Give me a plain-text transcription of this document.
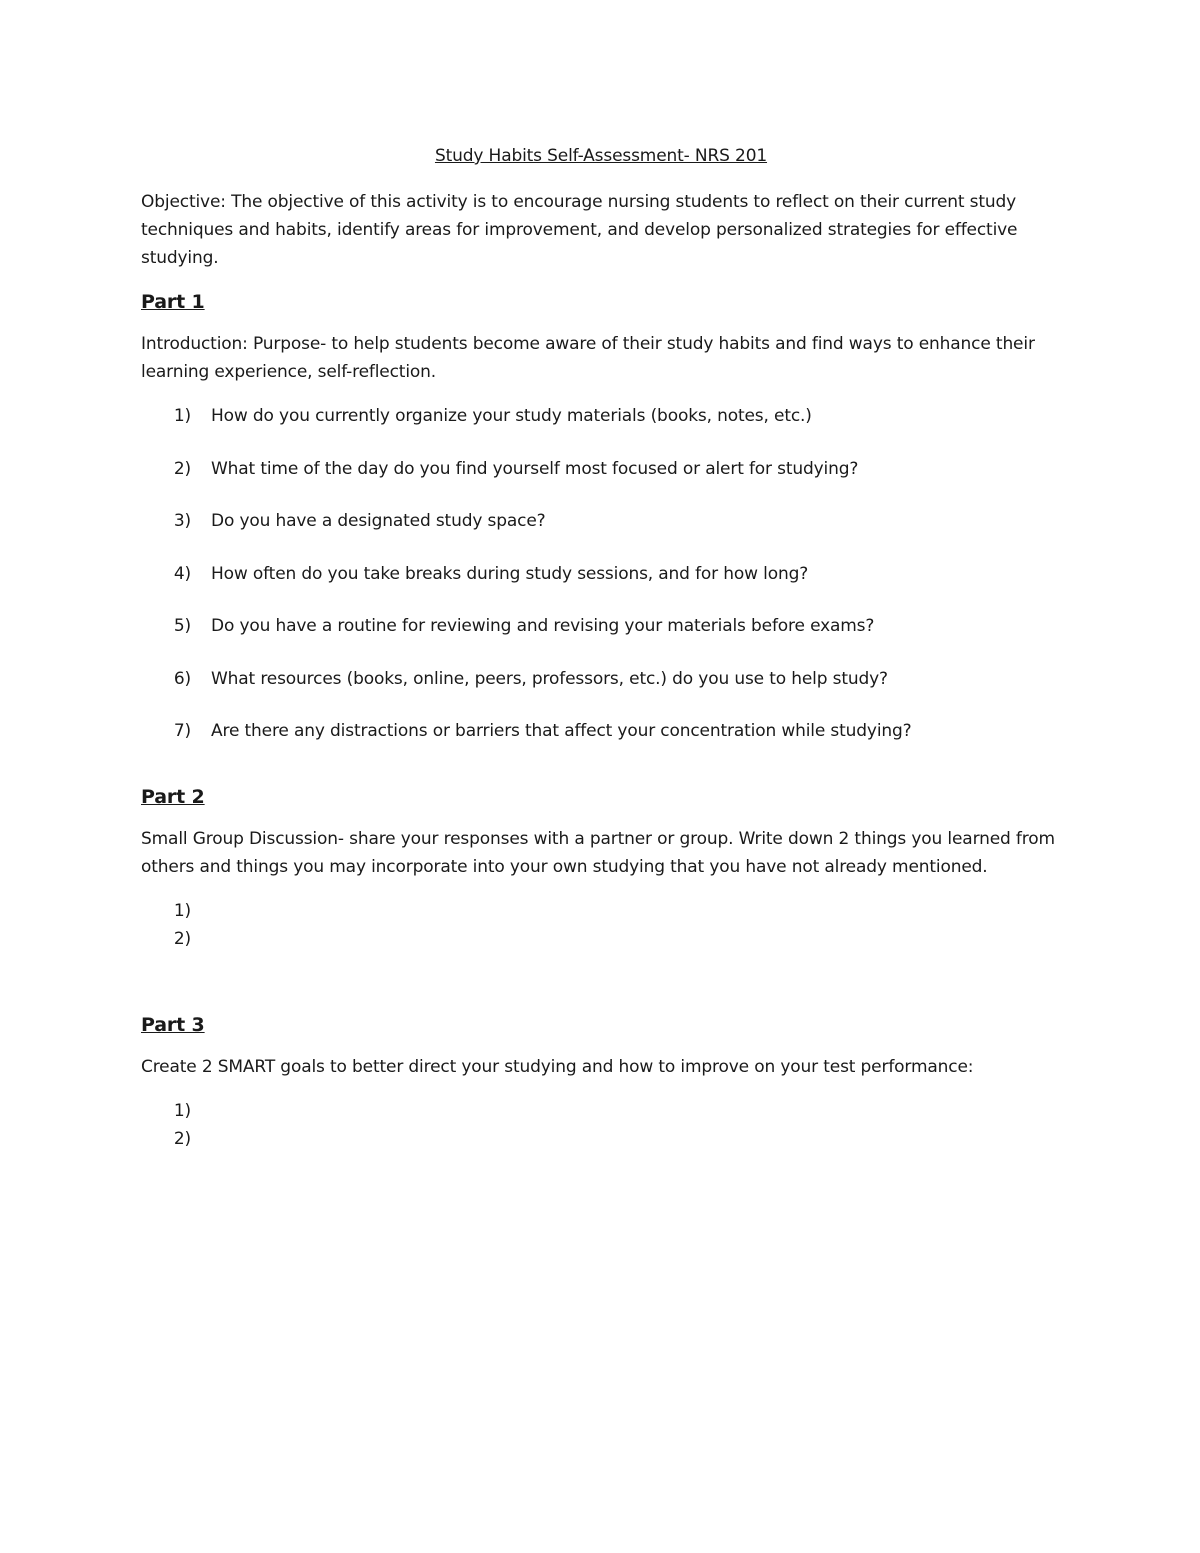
Study Habits Self-Assessment- NRS 201
Objective: The objective of this activity is to encourage nursing students to reflect on their current study techniques and habits, identify areas for improvement, and develop personalized strategies for effective studying.
Part 1
Introduction: Purpose- to help students become aware of their study habits and find ways to enhance their learning experience, self-reflection.
1)	How do you currently organize your study materials (books, notes, etc.)
2)	What time of the day do you find yourself most focused or alert for studying?
3)	Do you have a designated study space?
4)	How often do you take breaks during study sessions, and for how long?
5)	Do you have a routine for reviewing and revising your materials before exams?
6)	What resources (books, online, peers, professors, etc.) do you use to help study?
7)	Are there any distractions or barriers that affect your concentration while studying?
Part 2
Small Group Discussion- share your responses with a partner or group. Write down 2 things you learned from others and things you may incorporate into your own studying that you have not already mentioned.
1)
2)
Part 3
Create 2 SMART goals to better direct your studying and how to improve on your test performance:
1)
2)
